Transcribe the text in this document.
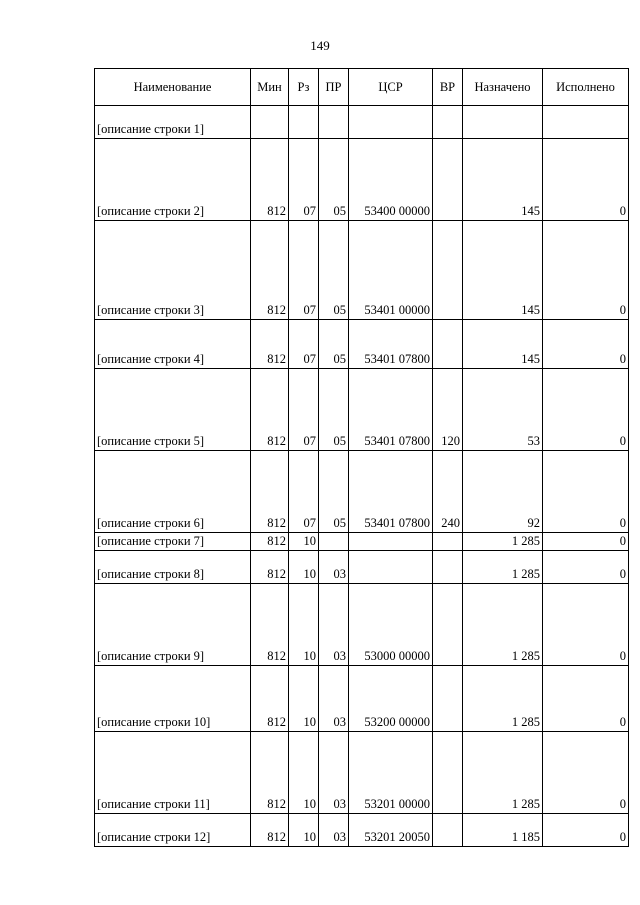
149
Наименование	Мин	Рз	ПР	ЦСР	ВР	Назначено	Исполнено
[описание строки 1]							
[описание строки 2]	812	07	05	53400 00000		145	0
[описание строки 3]	812	07	05	53401 00000		145	0
[описание строки 4]	812	07	05	53401 07800		145	0
[описание строки 5]	812	07	05	53401 07800	120	53	0
[описание строки 6]	812	07	05	53401 07800	240	92	0
[описание строки 7]	812	10				1 285	0
[описание строки 8]	812	10	03			1 285	0
[описание строки 9]	812	10	03	53000 00000		1 285	0
[описание строки 10]	812	10	03	53200 00000		1 285	0
[описание строки 11]	812	10	03	53201 00000		1 285	0
[описание строки 12]	812	10	03	53201 20050		1 185	0
